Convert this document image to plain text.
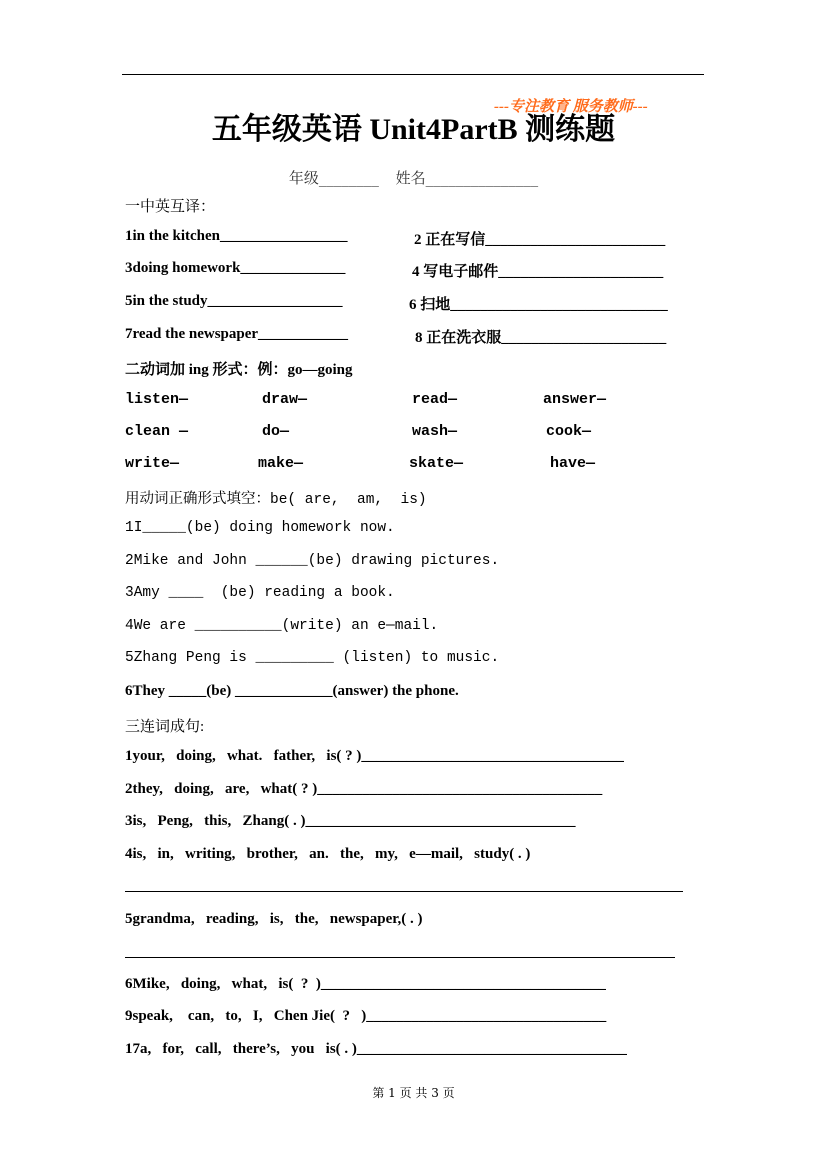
---专注教育 服务教师---
五年级英语 Unit4PartB 测练题
年级________ 姓名_______________
一中英互译：
1in the kitchen_________________	2 正在写信________________________
3doing homework______________	4 写电子邮件______________________
5in the study__________________	6 扫地_____________________________
7read the newspaper____________	8 正在洗衣服______________________
二动词加 ing 形式：例：go—going
listen—	draw—	read—	answer—
clean —	do—	wash—	cook—
write—	make—	skate—	have—
用动词正确形式填空：be( are,  am,  is)
1I_____(be) doing homework now.
2Mike and John ______(be) drawing pictures.
3Amy ____  (be) reading a book.
4We are __________(write) an e—mail.
5Zhang Peng is _________ (listen) to music.
6They _____(be) _____________(answer) the phone.
三连词成句:
1your,   doing,   what.   father,   is( ? )___________________________________
2they,   doing,   are,   what( ? )______________________________________
3is,   Peng,   this,   Zhang( . )____________________________________
4is,   in,   writing,   brother,   an.   the,   my,   e—mail,   study( . )
5grandma,   reading,   is,   the,   newspaper,( . )
6Mike,   doing,   what,   is(  ?  )______________________________________
9speak,    can,   to,   I,   Chen Jie(  ?   )________________________________
17a,   for,   call,   there’s,   you   is( . )____________________________________
第 1 页 共 3 页
